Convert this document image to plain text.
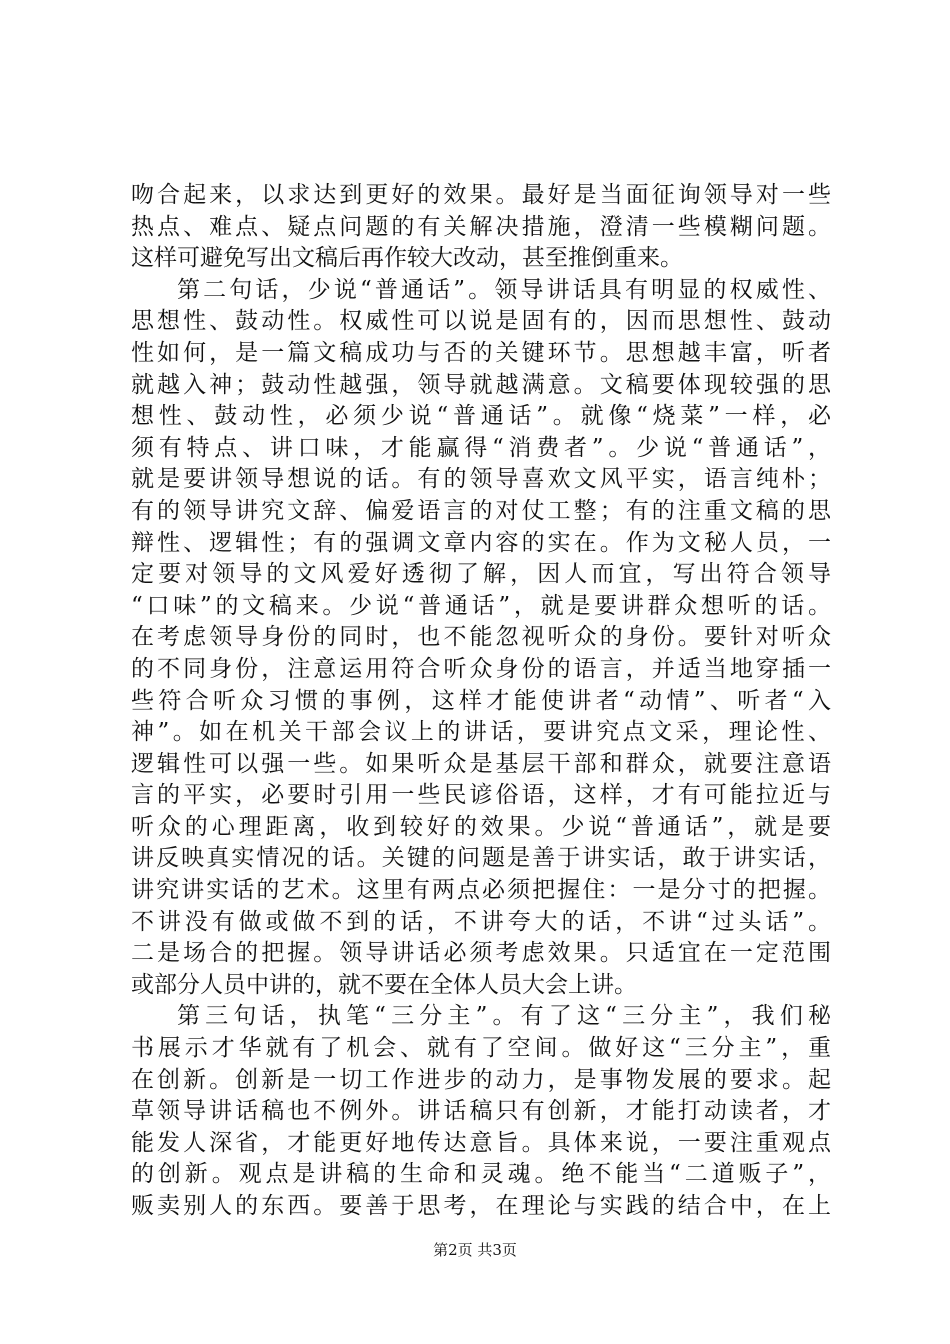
吻合起来，以求达到更好的效果。最好是当面征询领导对一些
热点、难点、疑点问题的有关解决措施，澄清一些模糊问题。
这样可避免写出文稿后再作较大改动，甚至推倒重来。
第二句话，少说“普通话”。领导讲话具有明显的权威性、
思想性、鼓动性。权威性可以说是固有的，因而思想性、鼓动
性如何，是一篇文稿成功与否的关键环节。思想越丰富，听者
就越入神；鼓动性越强，领导就越满意。文稿要体现较强的思
想性、鼓动性，必须少说“普通话”。就像“烧菜”一样，必
须有特点、讲口味，才能赢得“消费者”。少说“普通话”，
就是要讲领导想说的话。有的领导喜欢文风平实，语言纯朴；
有的领导讲究文辞、偏爱语言的对仗工整；有的注重文稿的思
辩性、逻辑性；有的强调文章内容的实在。作为文秘人员，一
定要对领导的文风爱好透彻了解，因人而宜，写出符合领导
“口味”的文稿来。少说“普通话”，就是要讲群众想听的话。
在考虑领导身份的同时，也不能忽视听众的身份。要针对听众
的不同身份，注意运用符合听众身份的语言，并适当地穿插一
些符合听众习惯的事例，这样才能使讲者“动情”、听者“入
神”。如在机关干部会议上的讲话，要讲究点文采，理论性、
逻辑性可以强一些。如果听众是基层干部和群众，就要注意语
言的平实，必要时引用一些民谚俗语，这样，才有可能拉近与
听众的心理距离，收到较好的效果。少说“普通话”，就是要
讲反映真实情况的话。关键的问题是善于讲实话，敢于讲实话，
讲究讲实话的艺术。这里有两点必须把握住：一是分寸的把握。
不讲没有做或做不到的话，不讲夸大的话，不讲“过头话”。
二是场合的把握。领导讲话必须考虑效果。只适宜在一定范围
或部分人员中讲的，就不要在全体人员大会上讲。
第三句话，执笔“三分主”。有了这“三分主”，我们秘
书展示才华就有了机会、就有了空间。做好这“三分主”，重
在创新。创新是一切工作进步的动力，是事物发展的要求。起
草领导讲话稿也不例外。讲话稿只有创新，才能打动读者，才
能发人深省，才能更好地传达意旨。具体来说，一要注重观点
的创新。观点是讲稿的生命和灵魂。绝不能当“二道贩子”，
贩卖别人的东西。要善于思考，在理论与实践的结合中，在上
第2页 共3页
